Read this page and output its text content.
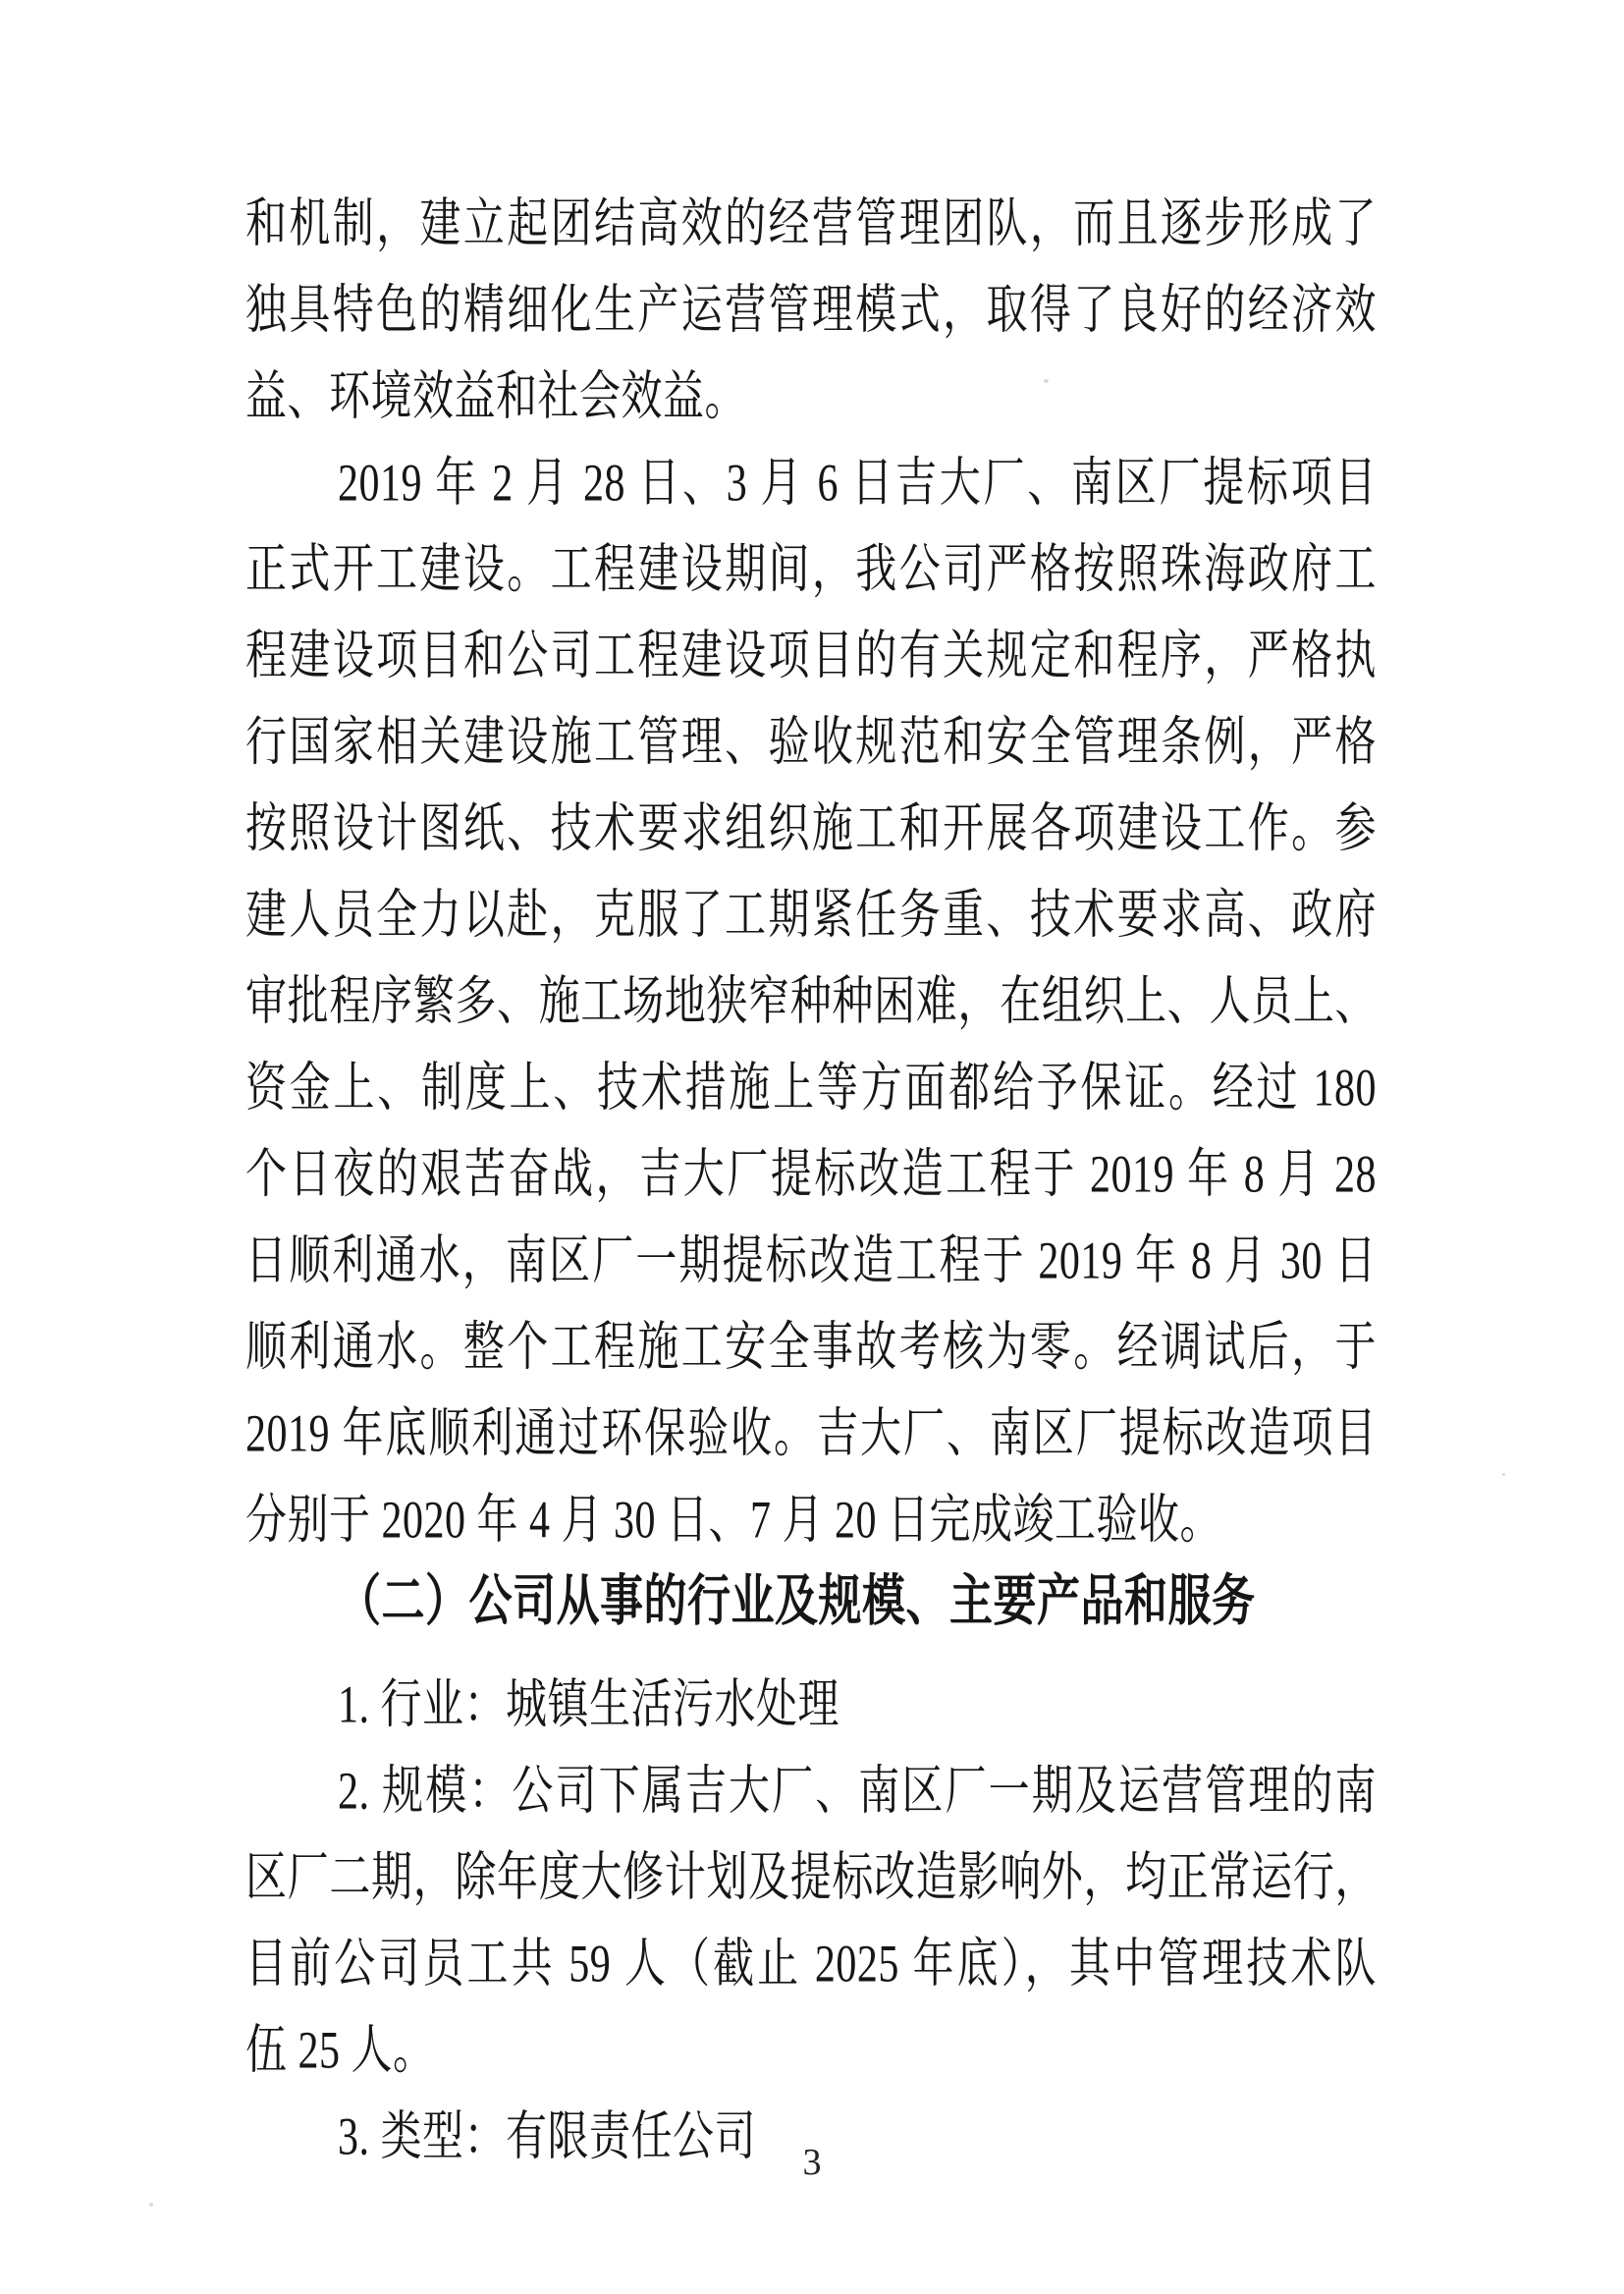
和机制，建立起团结高效的经营管理团队，而且逐步形成了
独具特色的精细化生产运营管理模式，取得了良好的经济效
益、环境效益和社会效益。
2019 年 2 月 28 日、3 月 6 日吉大厂、南区厂提标项目
正式开工建设。工程建设期间，我公司严格按照珠海政府工
程建设项目和公司工程建设项目的有关规定和程序，严格执
行国家相关建设施工管理、验收规范和安全管理条例，严格
按照设计图纸、技术要求组织施工和开展各项建设工作。参
建人员全力以赴，克服了工期紧任务重、技术要求高、政府
审批程序繁多、施工场地狭窄种种困难，在组织上、人员上、
资金上、制度上、技术措施上等方面都给予保证。经过 180
个日夜的艰苦奋战，吉大厂提标改造工程于 2019 年 8 月 28
日顺利通水，南区厂一期提标改造工程于 2019 年 8 月 30 日
顺利通水。整个工程施工安全事故考核为零。经调试后，于
2019 年底顺利通过环保验收。吉大厂、南区厂提标改造项目
分别于 2020 年 4 月 30 日、7 月 20 日完成竣工验收。
（二）公司从事的行业及规模、主要产品和服务
1. 行业：城镇生活污水处理
2. 规模：公司下属吉大厂、南区厂一期及运营管理的南
区厂二期，除年度大修计划及提标改造影响外，均正常运行，
目前公司员工共 59 人（截止 2025 年底），其中管理技术队
伍 25 人。
3. 类型：有限责任公司	3
